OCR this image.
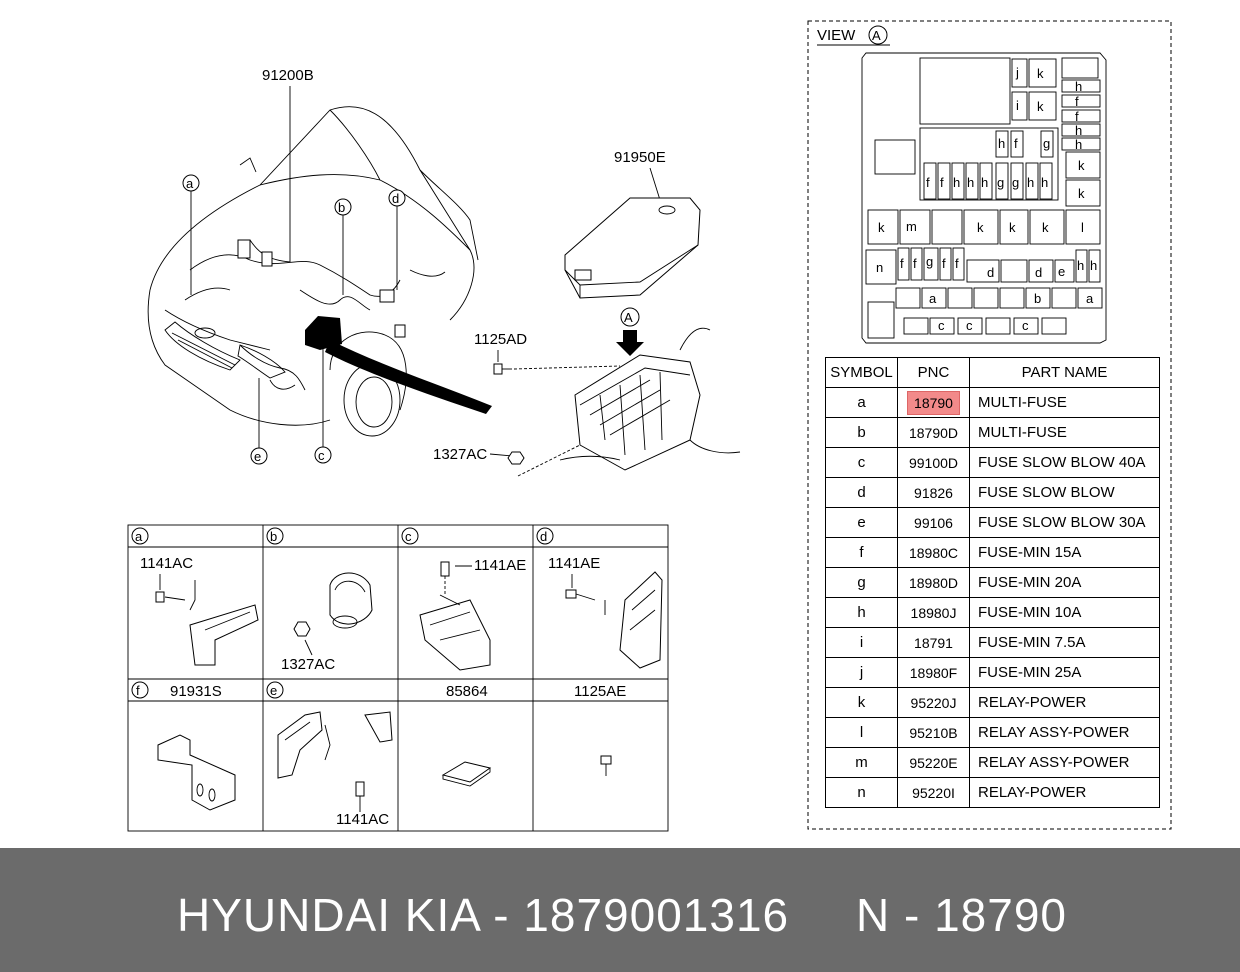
91200B
91950E
a
b
d
e	c
A
1125AD
1327AC
a
1141AC
b
1327AC
c
1141AE
d
1141AE
f 91931S	e
1141AC
85864	1125AE
VIEW A
j k
i k
h
f
f
h
h
h f g
f f h h h g g h h
k
k
k m	k k k	l
n f f g f f
d	d e h h
a	b	a
c c	c
SYMBOL	PNC	PART NAME
a	18790	MULTI-FUSE
b	18790D	MULTI-FUSE
c	99100D	FUSE SLOW BLOW 40A
d	91826	FUSE SLOW BLOW
e	99106	FUSE SLOW BLOW 30A
f	18980C	FUSE-MIN 15A
g	18980D	FUSE-MIN 20A
h	18980J	FUSE-MIN 10A
i	18791	FUSE-MIN 7.5A
j	18980F	FUSE-MIN 25A
k	95220J	RELAY-POWER
l	95210B	RELAY ASSY-POWER
m	95220E	RELAY ASSY-POWER
n	95220I	RELAY-POWER
HYUNDAI KIA - 1879001316 N - 18790
